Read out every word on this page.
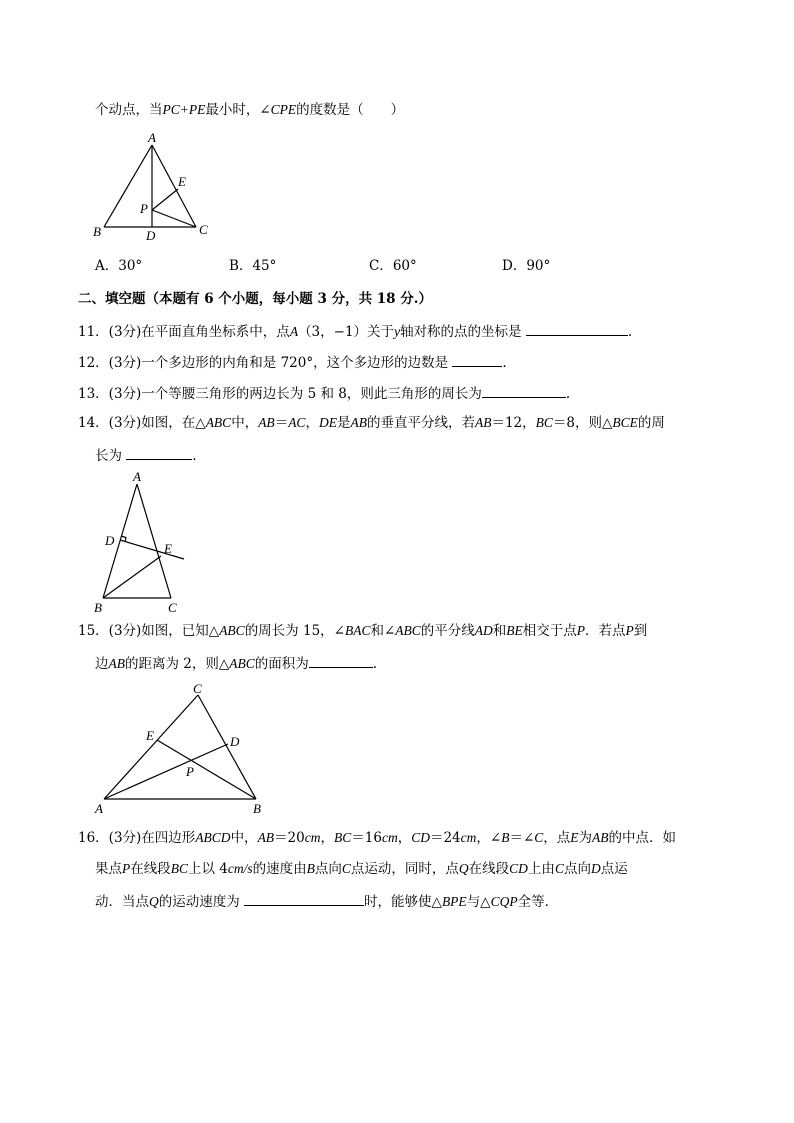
个动点，当PC+PE最小时，∠CPE的度数是（　　）
A
E
P
B	D	C
A．30°	B．45°	C．60°	D．90°
二、填空题（本题有 6 个小题，每小题 3 分，共 18 分.）
11．(3分)在平面直角坐标系中，点A（3，−1）关于y轴对称的点的坐标是	.
12．(3分)一个多边形的内角和是 720°，这个多边形的边数是	.
13．(3分)一个等腰三角形的两边长为 5 和 8，则此三角形的周长为	.
14．(3分)如图，在△ABC中，AB＝AC，DE是AB的垂直平分线，若AB＝12，BC＝8，则△BCE的周
长为	.
A
D
E
B	C
15．(3分)如图，已知△ABC的周长为 15，∠BAC和∠ABC的平分线AD和BE相交于点P．若点P到
边AB的距离为 2，则△ABC的面积为	.
C
E	D
P
A	B
16．(3分)在四边形ABCD中，AB＝20cm，BC＝16cm，CD＝24cm，∠B＝∠C，点E为AB的中点．如
果点P在线段BC上以 4cm/s的速度由B点向C点运动，同时，点Q在线段CD上由C点向D点运
动．当点Q的运动速度为	时，能够使△BPE与△CQP全等．
